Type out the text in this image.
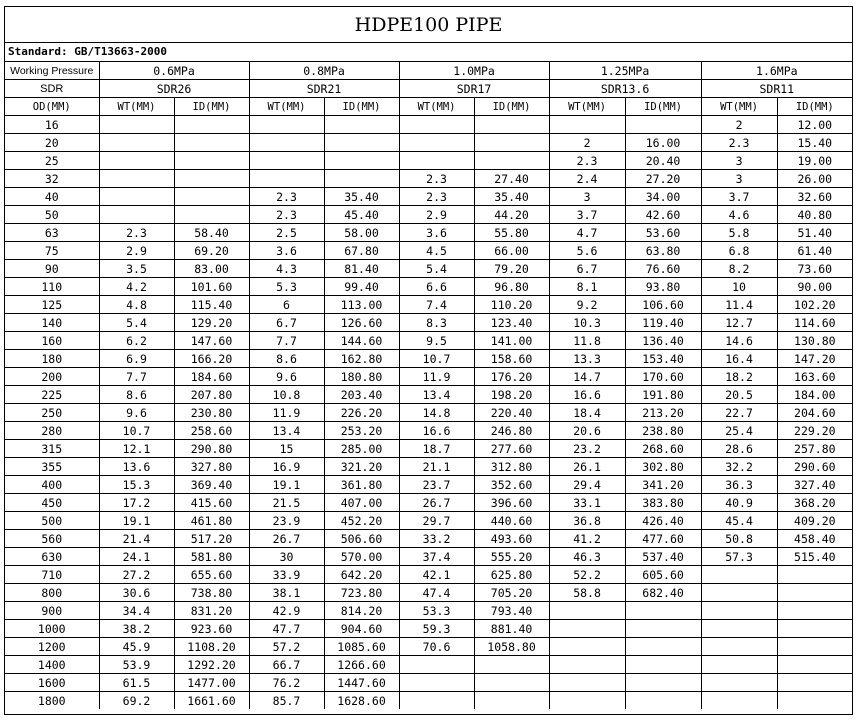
HDPE100 PIPE
Standard: GB/T13663-2000
Working Pressure	0.6MPa		0.8MPa		1.0MPa		1.25MPa		1.6MPa	
SDR	SDR26		SDR21		SDR17		SDR13.6		SDR11	
OD(MM)	WT(MM)	ID(MM)	WT(MM)	ID(MM)	WT(MM)	ID(MM)	WT(MM)	ID(MM)	WT(MM)	ID(MM)
16									2	12.00
20							2	16.00	2.3	15.40
25							2.3	20.40	3	19.00
32					2.3	27.40	2.4	27.20	3	26.00
40			2.3	35.40	2.3	35.40	3	34.00	3.7	32.60
50			2.3	45.40	2.9	44.20	3.7	42.60	4.6	40.80
63	2.3	58.40	2.5	58.00	3.6	55.80	4.7	53.60	5.8	51.40
75	2.9	69.20	3.6	67.80	4.5	66.00	5.6	63.80	6.8	61.40
90	3.5	83.00	4.3	81.40	5.4	79.20	6.7	76.60	8.2	73.60
110	4.2	101.60	5.3	99.40	6.6	96.80	8.1	93.80	10	90.00
125	4.8	115.40	6	113.00	7.4	110.20	9.2	106.60	11.4	102.20
140	5.4	129.20	6.7	126.60	8.3	123.40	10.3	119.40	12.7	114.60
160	6.2	147.60	7.7	144.60	9.5	141.00	11.8	136.40	14.6	130.80
180	6.9	166.20	8.6	162.80	10.7	158.60	13.3	153.40	16.4	147.20
200	7.7	184.60	9.6	180.80	11.9	176.20	14.7	170.60	18.2	163.60
225	8.6	207.80	10.8	203.40	13.4	198.20	16.6	191.80	20.5	184.00
250	9.6	230.80	11.9	226.20	14.8	220.40	18.4	213.20	22.7	204.60
280	10.7	258.60	13.4	253.20	16.6	246.80	20.6	238.80	25.4	229.20
315	12.1	290.80	15	285.00	18.7	277.60	23.2	268.60	28.6	257.80
355	13.6	327.80	16.9	321.20	21.1	312.80	26.1	302.80	32.2	290.60
400	15.3	369.40	19.1	361.80	23.7	352.60	29.4	341.20	36.3	327.40
450	17.2	415.60	21.5	407.00	26.7	396.60	33.1	383.80	40.9	368.20
500	19.1	461.80	23.9	452.20	29.7	440.60	36.8	426.40	45.4	409.20
560	21.4	517.20	26.7	506.60	33.2	493.60	41.2	477.60	50.8	458.40
630	24.1	581.80	30	570.00	37.4	555.20	46.3	537.40	57.3	515.40
710	27.2	655.60	33.9	642.20	42.1	625.80	52.2	605.60		
800	30.6	738.80	38.1	723.80	47.4	705.20	58.8	682.40		
900	34.4	831.20	42.9	814.20	53.3	793.40				
1000	38.2	923.60	47.7	904.60	59.3	881.40				
1200	45.9	1108.20	57.2	1085.60	70.6	1058.80				
1400	53.9	1292.20	66.7	1266.60						
1600	61.5	1477.00	76.2	1447.60						
1800	69.2	1661.60	85.7	1628.60						
